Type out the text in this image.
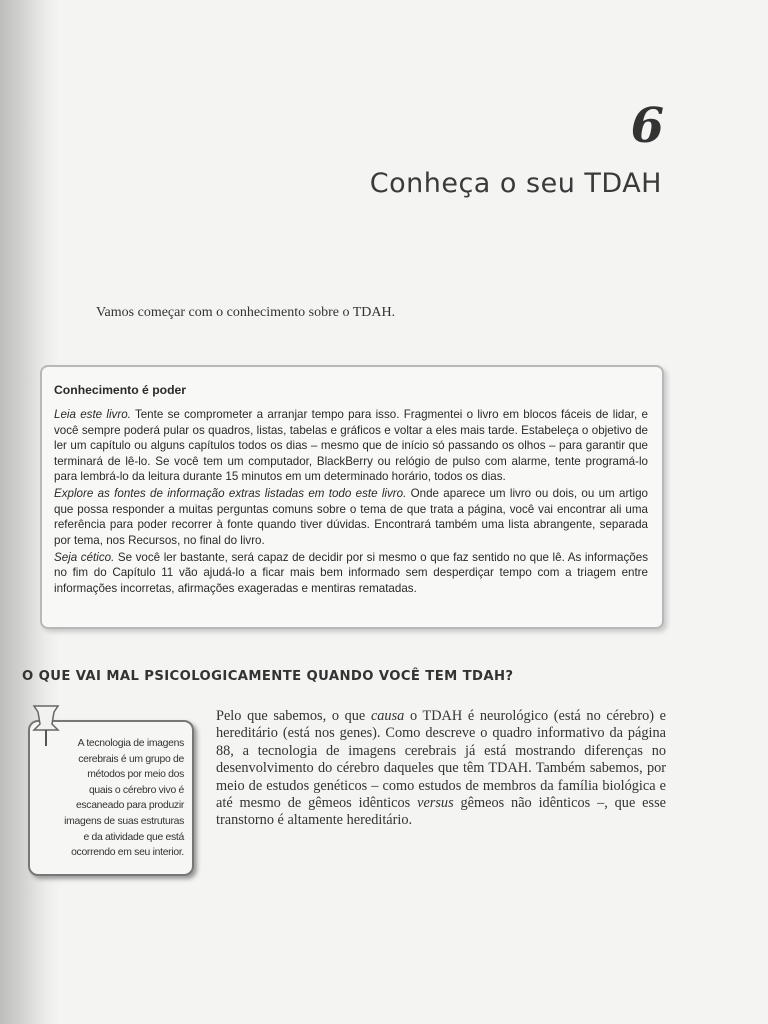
6
Conheça o seu TDAH
Vamos começar com o conhecimento sobre o TDAH.
Conhecimento é poder

Leia este livro. Tente se comprometer a arranjar tempo para isso. Fragmentei o livro em blocos fáceis de lidar, e você sempre poderá pular os quadros, listas, tabelas e gráficos e voltar a eles mais tarde. Estabeleça o objetivo de ler um capítulo ou alguns capítulos todos os dias – mesmo que de início só passando os olhos – para garantir que terminará de lê-lo. Se você tem um computador, BlackBerry ou relógio de pulso com alarme, tente programá-lo para lembrá-lo da leitura durante 15 minutos em um determinado horário, todos os dias.

Explore as fontes de informação extras listadas em todo este livro. Onde aparece um livro ou dois, ou um artigo que possa responder a muitas perguntas comuns sobre o tema de que trata a página, você vai encontrar ali uma referência para poder recorrer à fonte quando tiver dúvidas. Encontrará também uma lista abrangente, separada por tema, nos Recursos, no final do livro.

Seja cético. Se você ler bastante, será capaz de decidir por si mesmo o que faz sentido no que lê. As informações no fim do Capítulo 11 vão ajudá-lo a ficar mais bem informado sem desperdiçar tempo com a triagem entre informações incorretas, afirmações exageradas e mentiras rematadas.

O QUE VAI MAL PSICOLOGICAMENTE QUANDO VOCÊ TEM TDAH?
A tecnologia de imagens
cerebrais é um grupo de
métodos por meio dos
quais o cérebro vivo é
escaneado para produzir
imagens de suas estruturas
e da atividade que está
ocorrendo em seu interior.
Pelo que sabemos, o que causa o TDAH é neurológico (está no cérebro) e hereditário (está nos genes). Como descreve o quadro informativo da página 88, a tecnologia de imagens cerebrais já está mostrando diferenças no desenvolvimento do cérebro daqueles que têm TDAH. Também sabemos, por meio de estudos genéticos – como estudos de membros da família biológica e até mesmo de gêmeos idênticos versus gêmeos não idênticos –, que esse transtorno é altamente hereditário.
